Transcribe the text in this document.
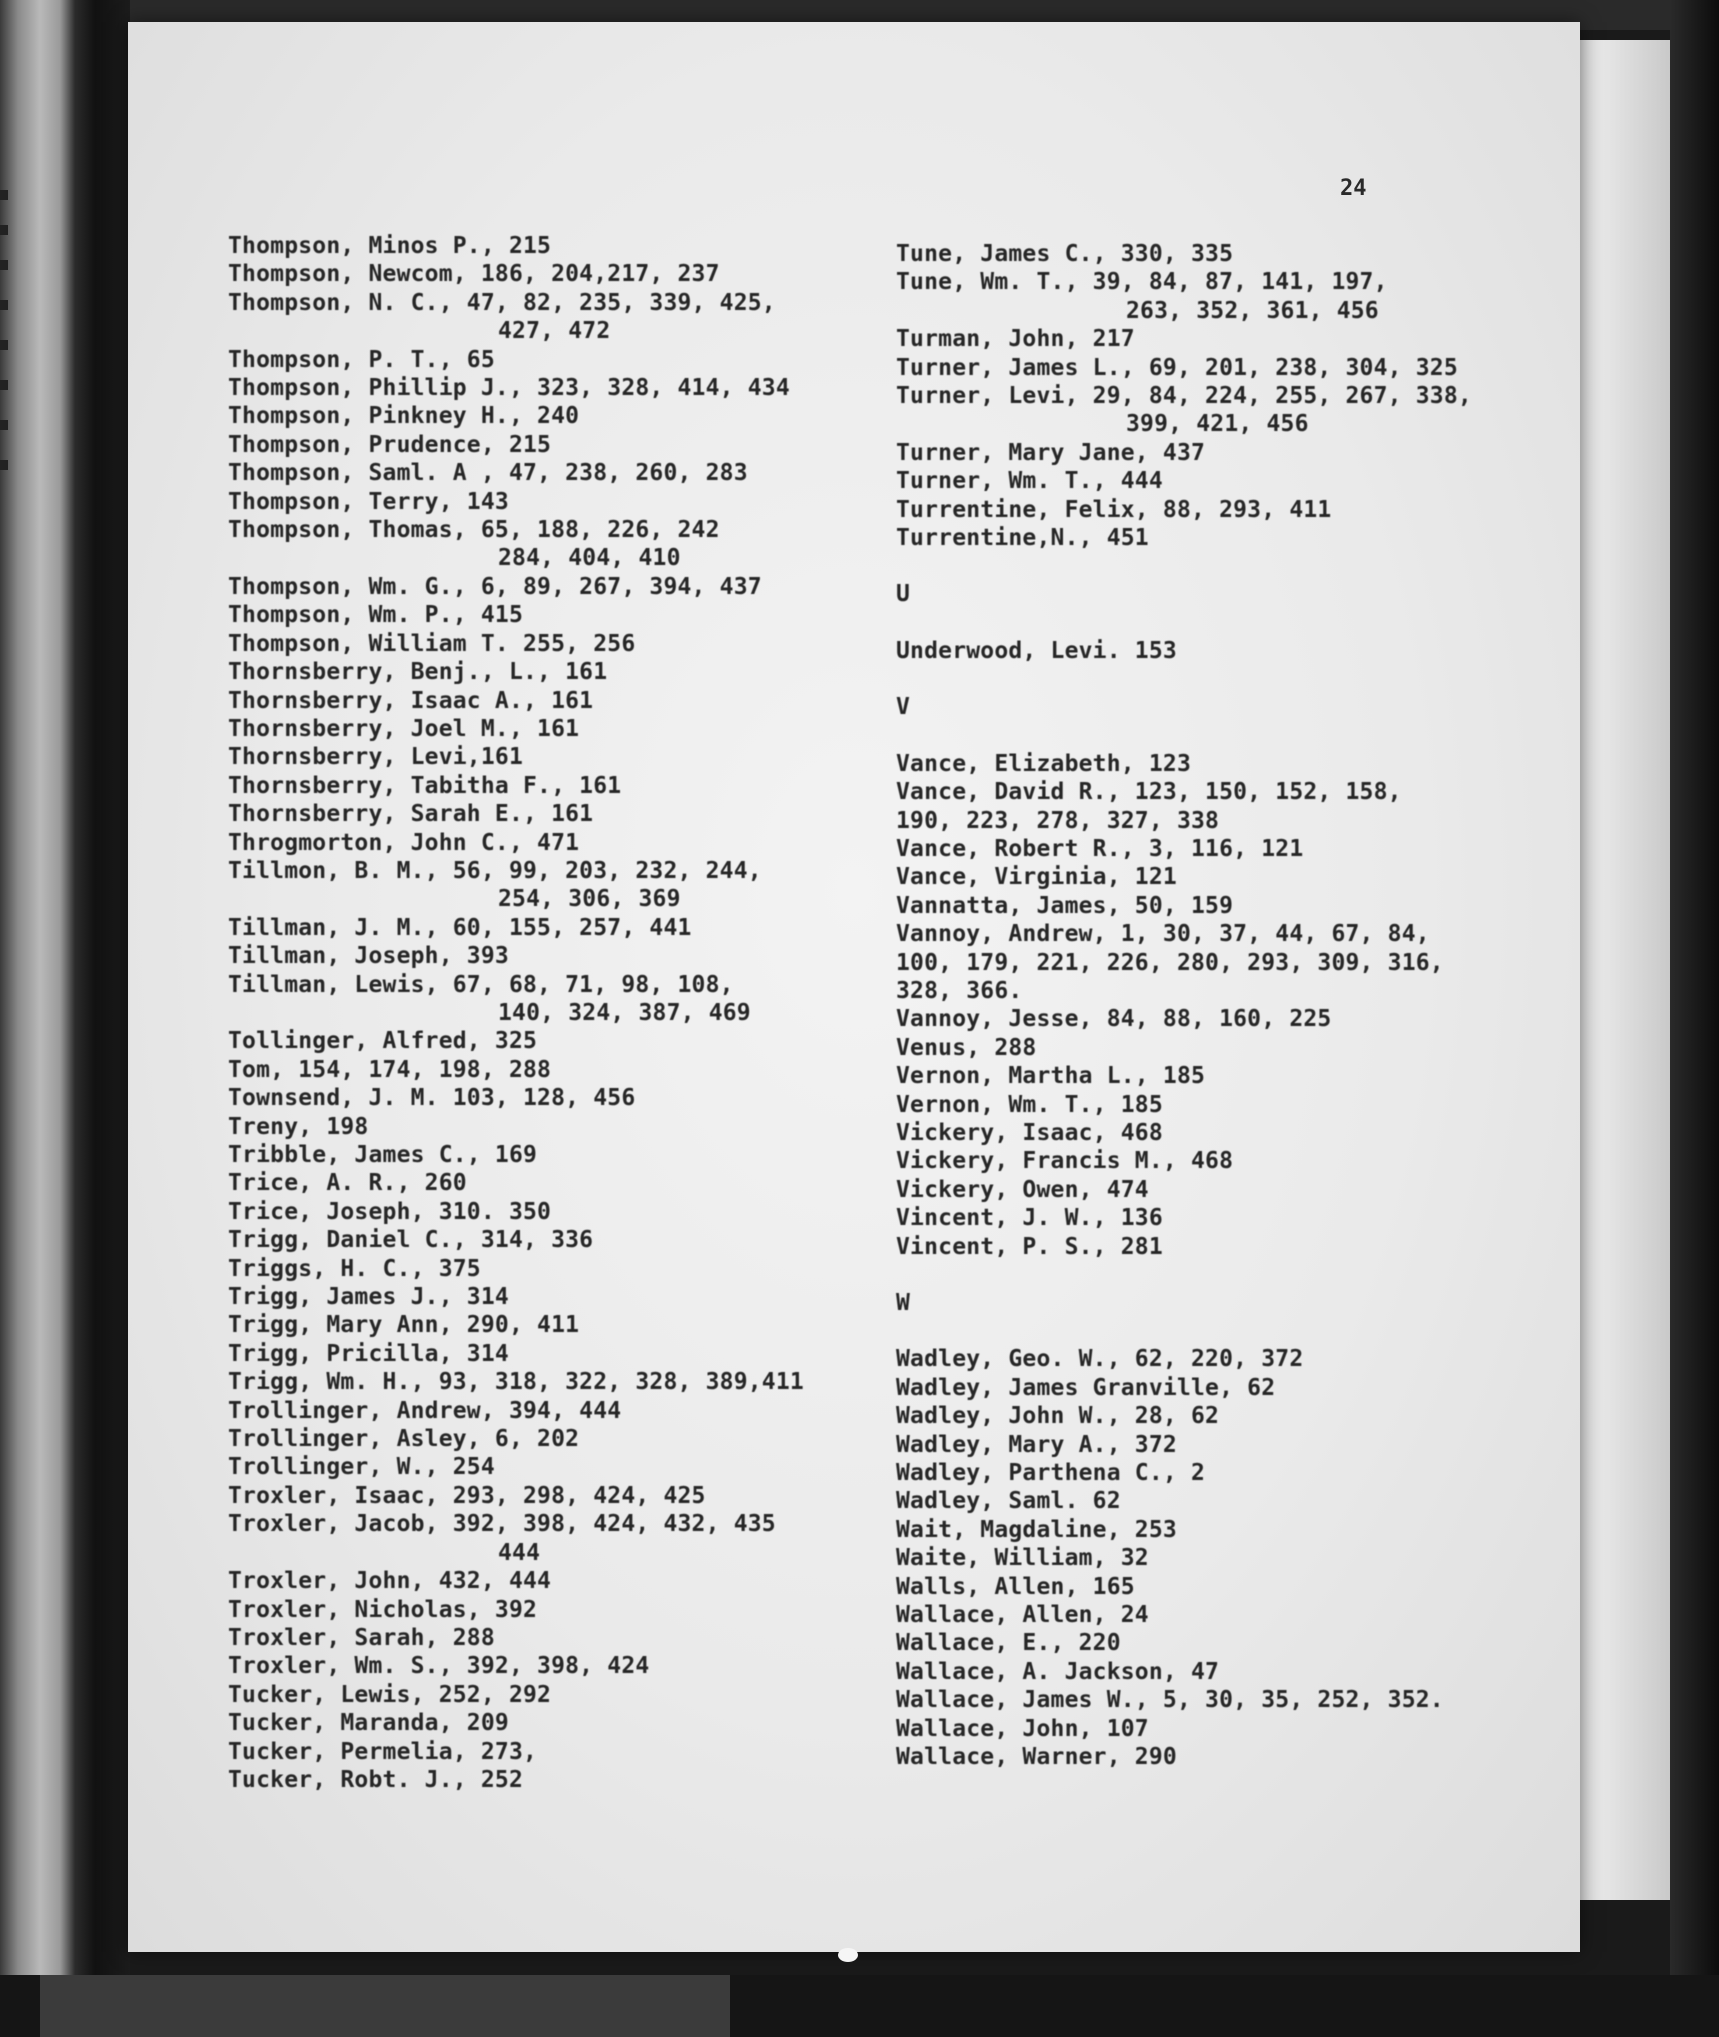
24

Thompson, Minos P., 215

Thompson, Newcom, 186, 204,217, 237

Thompson, N. C., 47, 82, 235, 339, 425,

427, 472

Thompson, P. T., 65

Thompson, Phillip J., 323, 328, 414, 434

Thompson, Pinkney H., 240

Thompson, Prudence, 215

Thompson, Saml. A , 47, 238, 260, 283

Thompson, Terry, 143

Thompson, Thomas, 65, 188, 226, 242

284, 404, 410

Thompson, Wm. G., 6, 89, 267, 394, 437

Thompson, Wm. P., 415

Thompson, William T. 255, 256

Thornsberry, Benj., L., 161

Thornsberry, Isaac A., 161

Thornsberry, Joel M., 161

Thornsberry, Levi,161

Thornsberry, Tabitha F., 161

Thornsberry, Sarah E., 161

Throgmorton, John C., 471

Tillmon, B. M., 56, 99, 203, 232, 244,

254, 306, 369

Tillman, J. M., 60, 155, 257, 441

Tillman, Joseph, 393

Tillman, Lewis, 67, 68, 71, 98, 108,

140, 324, 387, 469

Tollinger, Alfred, 325

Tom, 154, 174, 198, 288

Townsend, J. M. 103, 128, 456

Treny, 198

Tribble, James C., 169

Trice, A. R., 260

Trice, Joseph, 310. 350

Trigg, Daniel C., 314, 336

Triggs, H. C., 375

Trigg, James J., 314

Trigg, Mary Ann, 290, 411

Trigg, Pricilla, 314

Trigg, Wm. H., 93, 318, 322, 328, 389,411

Trollinger, Andrew, 394, 444

Trollinger, Asley, 6, 202

Trollinger, W., 254

Troxler, Isaac, 293, 298, 424, 425

Troxler, Jacob, 392, 398, 424, 432, 435

444

Troxler, John, 432, 444

Troxler, Nicholas, 392

Troxler, Sarah, 288

Troxler, Wm. S., 392, 398, 424

Tucker, Lewis, 252, 292

Tucker, Maranda, 209

Tucker, Permelia, 273,

Tucker, Robt. J., 252

Tune, James C., 330, 335

Tune, Wm. T., 39, 84, 87, 141, 197,

263, 352, 361, 456

Turman, John, 217

Turner, James L., 69, 201, 238, 304, 325

Turner, Levi, 29, 84, 224, 255, 267, 338,

399, 421, 456

Turner, Mary Jane, 437

Turner, Wm. T., 444

Turrentine, Felix, 88, 293, 411

Turrentine,N., 451

U

Underwood, Levi. 153

V

Vance, Elizabeth, 123

Vance, David R., 123, 150, 152, 158,

190, 223, 278, 327, 338

Vance, Robert R., 3, 116, 121

Vance, Virginia, 121

Vannatta, James, 50, 159

Vannoy, Andrew, 1, 30, 37, 44, 67, 84,

100, 179, 221, 226, 280, 293, 309, 316,

328, 366.

Vannoy, Jesse, 84, 88, 160, 225

Venus, 288

Vernon, Martha L., 185

Vernon, Wm. T., 185

Vickery, Isaac, 468

Vickery, Francis M., 468

Vickery, Owen, 474

Vincent, J. W., 136

Vincent, P. S., 281

W

Wadley, Geo. W., 62, 220, 372

Wadley, James Granville, 62

Wadley, John W., 28, 62

Wadley, Mary A., 372

Wadley, Parthena C., 2

Wadley, Saml. 62

Wait, Magdaline, 253

Waite, William, 32

Walls, Allen, 165

Wallace, Allen, 24

Wallace, E., 220

Wallace, A. Jackson, 47

Wallace, James W., 5, 30, 35, 252, 352.

Wallace, John, 107

Wallace, Warner, 290
